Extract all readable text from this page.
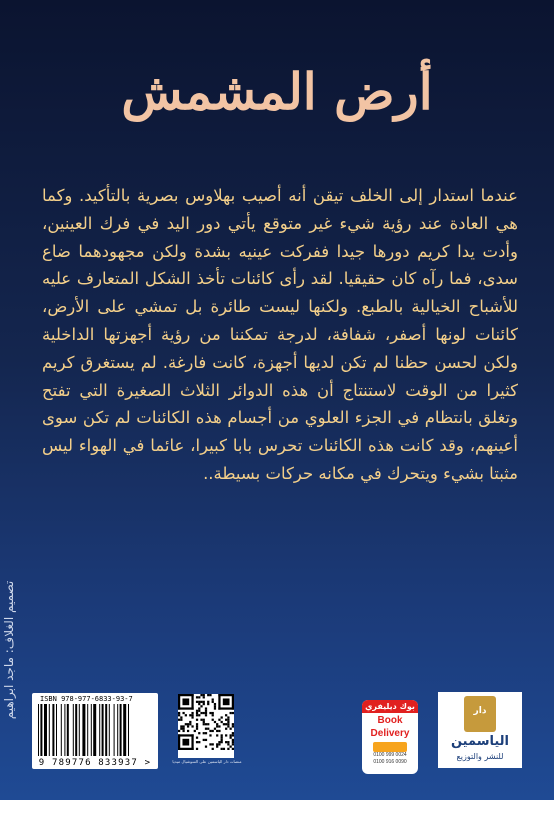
أرض المشمش
عندما استدار إلى الخلف تيقن أنه أصيب بهلاوس بصرية بالتأكيد. وكما هي العادة عند رؤية شيء غير متوقع يأتي دور اليد في فرك العينين، وأدت يدا كريم دورها جيدا ففركت عينيه بشدة ولكن مجهودهما ضاع سدى، فما رآه كان حقيقيا. لقد رأى كائنات تأخذ الشكل المتعارف عليه للأشباح الخيالية بالطبع. ولكنها ليست طائرة بل تمشي على الأرض، كائنات لونها أصفر، شفافة، لدرجة تمكننا من رؤية أجهزتها الداخلية ولكن لحسن حظنا لم تكن لديها أجهزة، كانت فارغة. لم يستغرق كريم كثيرا من الوقت لاستنتاج أن هذه الدوائر الثلاث الصغيرة التي تفتح وتغلق بانتظام في الجزء العلوي من أجسام هذه الكائنات لم تكن سوى أعينهم، وقد كانت هذه الكائنات تحرس بابا كبيرا، عائما في الهواء ليس مثبتا بشيء ويتحرك في مكانه حركات بسيطة..
تصميم الغلاف: ماجد ابراهيم	ISBN 978-977-6833-93-7
9 789776 833937 >	منصات دار الياسمين على السوشيال ميديا
بوك ديليفري
Book
Delivery
0100 999 0024
0100 916 0090
دار
الياسمين
للنشر والتوزيع
